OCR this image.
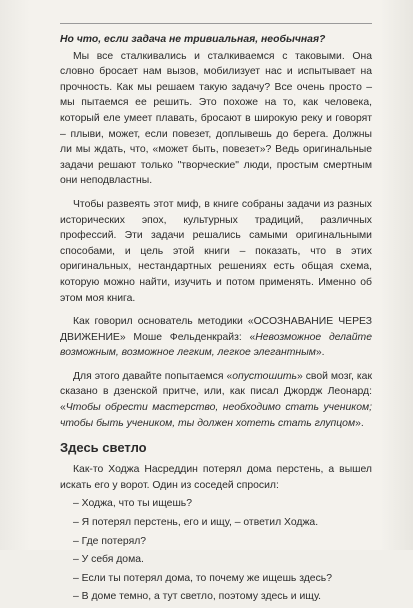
Но что, если задача не тривиальная, необычная?

Мы все сталкивались и сталкиваемся с таковыми. Она словно бросает нам вызов, мобилизует нас и испытывает на прочность. Как мы решаем такую задачу? Все очень просто – мы пытаемся ее решить. Это похоже на то, как человека, который еле умеет плавать, бросают в широкую реку и говорят – плыви, может, если повезет, доплывешь до берега. Должны ли мы ждать, что, «может быть, повезет»? Ведь оригинальные задачи решают только "творческие" люди, простым смертным они неподвластны.

Чтобы развеять этот миф, в книге собраны задачи из разных исторических эпох, культурных традиций, различных профессий. Эти задачи решались самыми оригинальными способами, и цель этой книги – показать, что в этих оригинальных, нестандартных решениях есть общая схема, которую можно найти, изучить и потом применять. Именно об этом моя книга.

Как говорил основатель методики «ОСОЗНАВАНИЕ ЧЕРЕЗ ДВИЖЕНИЕ» Моше Фельденкрайз: «Невозможное делайте возможным, возможное легким, легкое элегантным».

Для этого давайте попытаемся «опустошить» свой мозг, как сказано в дзенской притче, или, как писал Джордж Леонард: «Чтобы обрести мастерство, необходимо стать учеником; чтобы быть учеником, ты должен хотеть стать глупцом».

Здесь светло

Как-то Ходжа Насреддин потерял дома перстень, а вышел искать его у ворот. Один из соседей спросил:

– Ходжа, что ты ищешь?

– Я потерял перстень, его и ищу, – ответил Ходжа.

– Где потерял?

– У себя дома.

– Если ты потерял дома, то почему же ищешь здесь?

– В доме темно, а тут светло, поэтому здесь и ищу.
